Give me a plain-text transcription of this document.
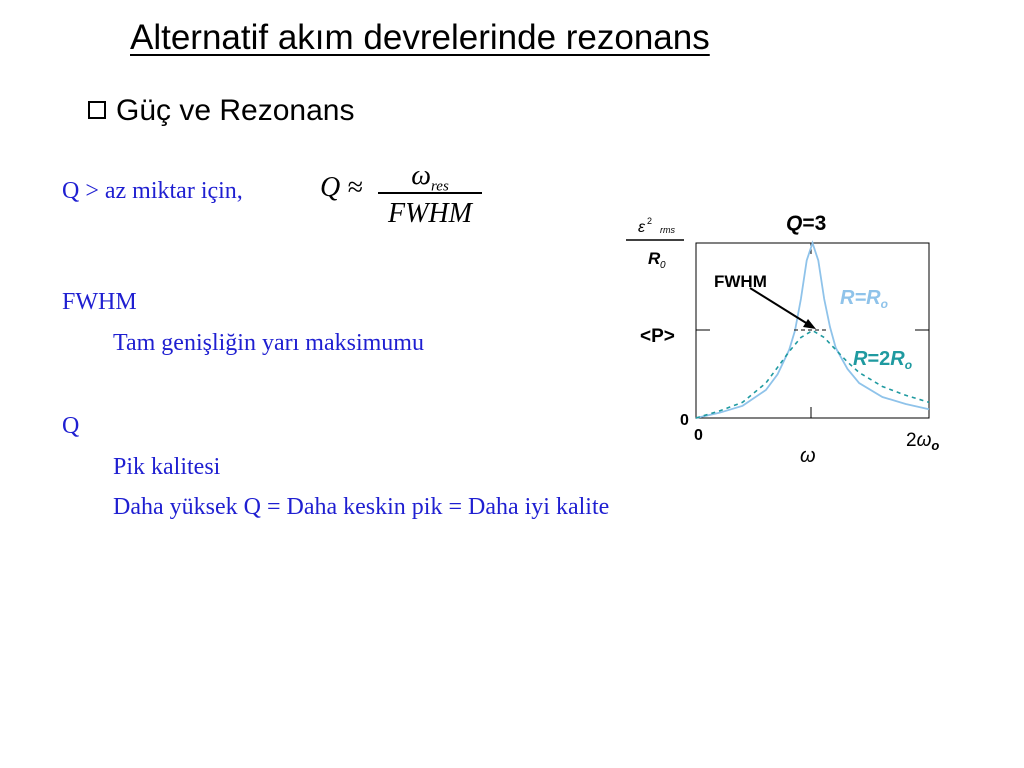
Alternatif akım devrelerinde rezonans
Güç ve Rezonans
Q > az miktar için,	Q ≈	$\omega_{res}$
FWHM
FWHM
Tam genişliğin yarı maksimumu
Q
Pik kalitesi
Daha yüksek Q = Daha keskin pik = Daha iyi kalite
ε 2
rms
R 0
FWHM
Q=3
$R=R_o$
$R=2R_o$
<P>
0
0	$2\omega_o$
ω
